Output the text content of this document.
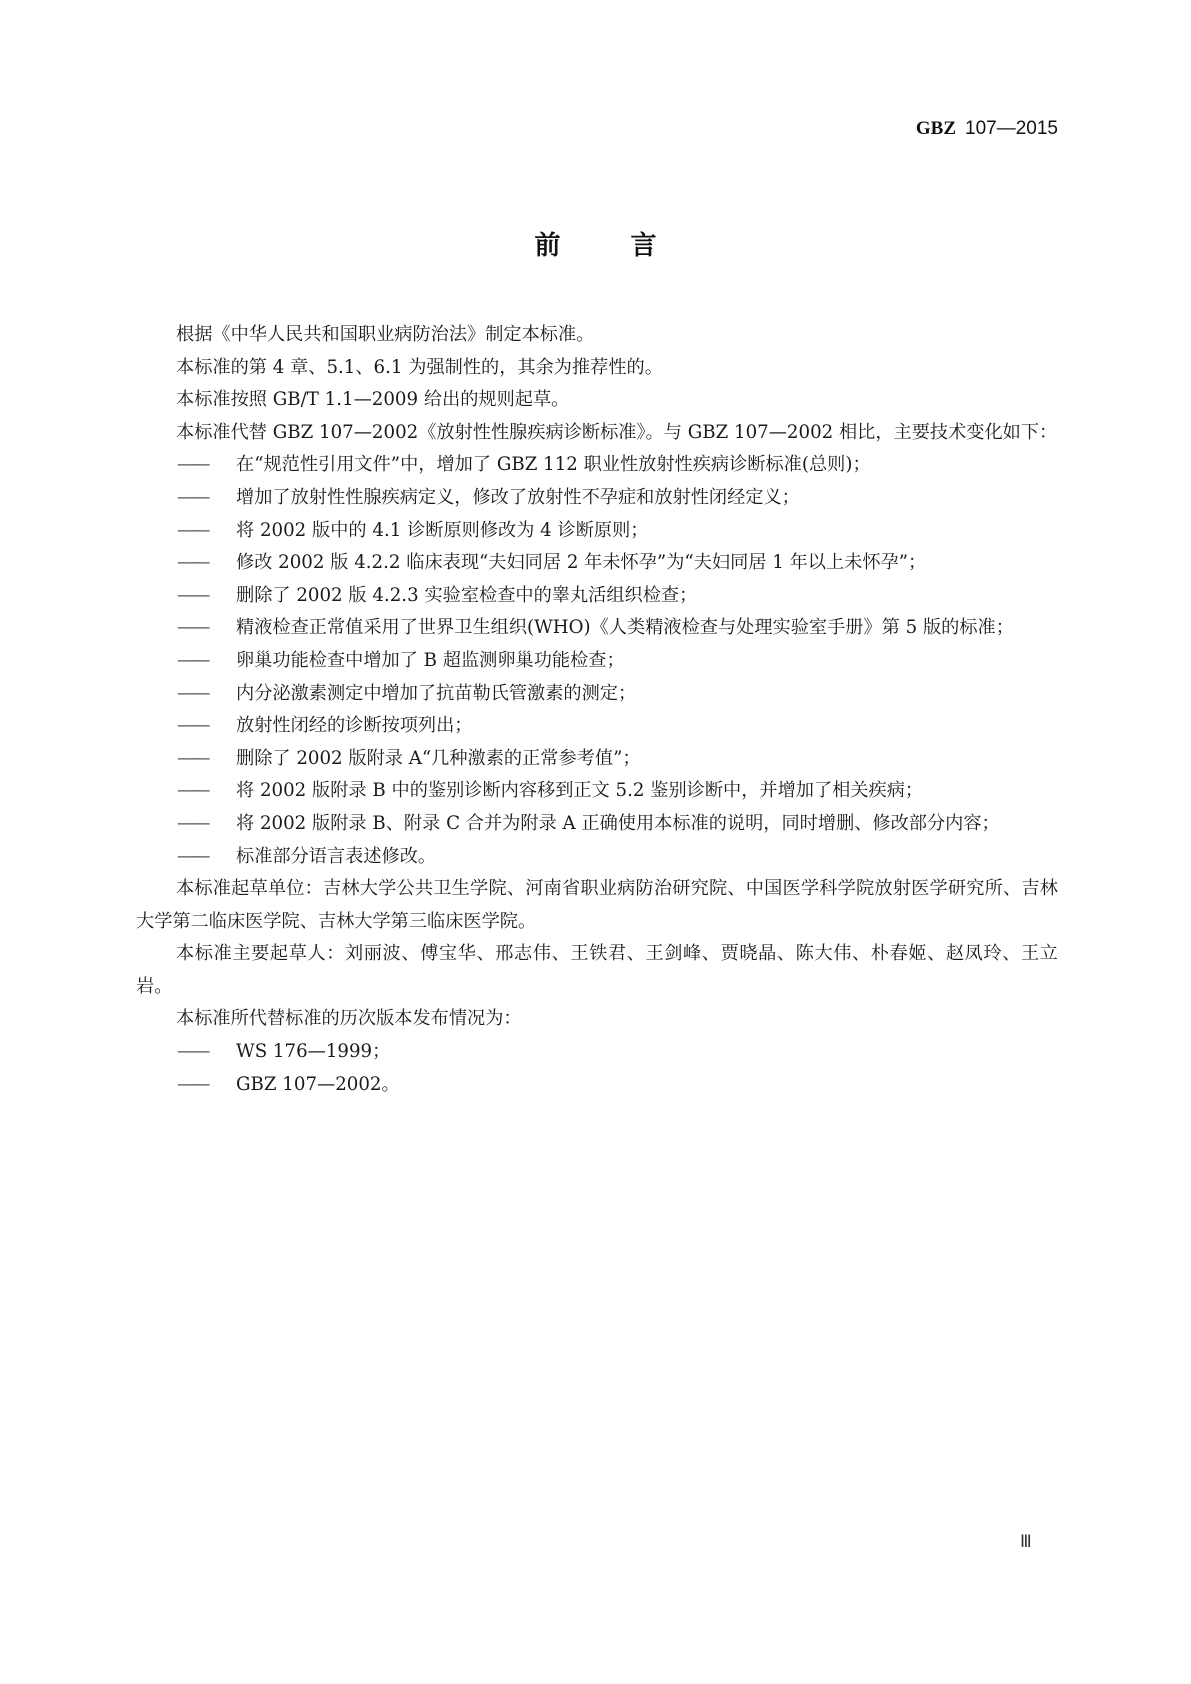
GBZ 107—2015
前言

根据《中华人民共和国职业病防治法》制定本标准。

本标准的第 4 章、5.1、6.1 为强制性的，其余为推荐性的。

本标准按照 GB/T 1.1—2009 给出的规则起草。

本标准代替 GBZ 107—2002《放射性性腺疾病诊断标准》。与 GBZ 107—2002 相比，主要技术变化如下：

—— 在“规范性引用文件”中，增加了 GBZ 112 职业性放射性疾病诊断标准(总则)；

—— 增加了放射性性腺疾病定义，修改了放射性不孕症和放射性闭经定义；

—— 将 2002 版中的 4.1 诊断原则修改为 4 诊断原则；

—— 修改 2002 版 4.2.2 临床表现“夫妇同居 2 年未怀孕”为“夫妇同居 1 年以上未怀孕”；

—— 删除了 2002 版 4.2.3 实验室检查中的睾丸活组织检查；

—— 精液检查正常值采用了世界卫生组织(WHO)《人类精液检查与处理实验室手册》第 5 版的标准；

—— 卵巢功能检查中增加了 B 超监测卵巢功能检查；

—— 内分泌激素测定中增加了抗苗勒氏管激素的测定；

—— 放射性闭经的诊断按项列出；

—— 删除了 2002 版附录 A“几种激素的正常参考值”；

—— 将 2002 版附录 B 中的鉴别诊断内容移到正文 5.2 鉴别诊断中，并增加了相关疾病；

—— 将 2002 版附录 B、附录 C 合并为附录 A 正确使用本标准的说明，同时增删、修改部分内容；

—— 标准部分语言表述修改。

本标准起草单位：吉林大学公共卫生学院、河南省职业病防治研究院、中国医学科学院放射医学研究所、吉林大学第二临床医学院、吉林大学第三临床医学院。

本标准主要起草人：刘丽波、傅宝华、邢志伟、王铁君、王剑峰、贾晓晶、陈大伟、朴春姬、赵凤玲、王立岩。

本标准所代替标准的历次版本发布情况为：

—— WS 176—1999；

—— GBZ 107—2002。

Ⅲ
